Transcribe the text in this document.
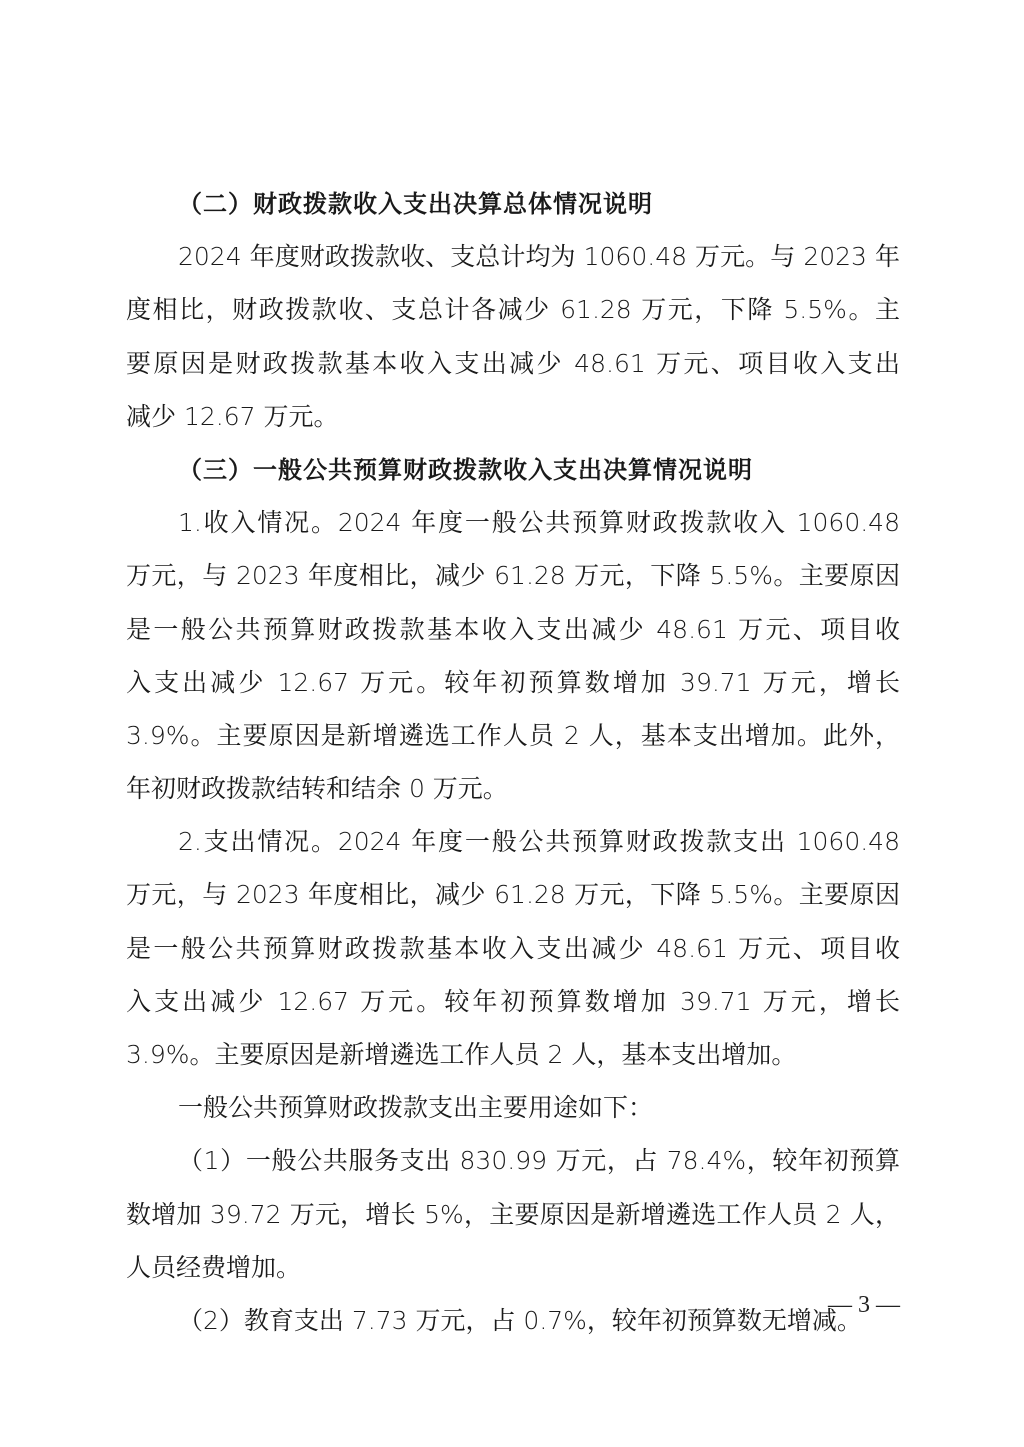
（二）财政拨款收入支出决算总体情况说明
2024 年度财政拨款收、支总计均为 1060.48 万元。与 2023 年
度相比，财政拨款收、支总计各减少 61.28 万元，下降 5.5%。主
要原因是财政拨款基本收入支出减少 48.61 万元、项目收入支出
减少 12.67 万元。
（三）一般公共预算财政拨款收入支出决算情况说明
1.收入情况。2024 年度一般公共预算财政拨款收入 1060.48
万元，与 2023 年度相比，减少 61.28 万元，下降 5.5%。主要原因
是一般公共预算财政拨款基本收入支出减少 48.61 万元、项目收
入支出减少 12.67 万元。较年初预算数增加 39.71 万元，增长
3.9%。主要原因是新增遴选工作人员 2 人，基本支出增加。此外，
年初财政拨款结转和结余 0 万元。
2.支出情况。2024 年度一般公共预算财政拨款支出 1060.48
万元，与 2023 年度相比，减少 61.28 万元，下降 5.5%。主要原因
是一般公共预算财政拨款基本收入支出减少 48.61 万元、项目收
入支出减少 12.67 万元。较年初预算数增加 39.71 万元，增长
3.9%。主要原因是新增遴选工作人员 2 人，基本支出增加。
一般公共预算财政拨款支出主要用途如下：
（1）一般公共服务支出 830.99 万元，占 78.4%，较年初预算
数增加 39.72 万元，增长 5%，主要原因是新增遴选工作人员 2 人，
人员经费增加。
（2）教育支出 7.73 万元，占 0.7%，较年初预算数无增减。
— 3 —
